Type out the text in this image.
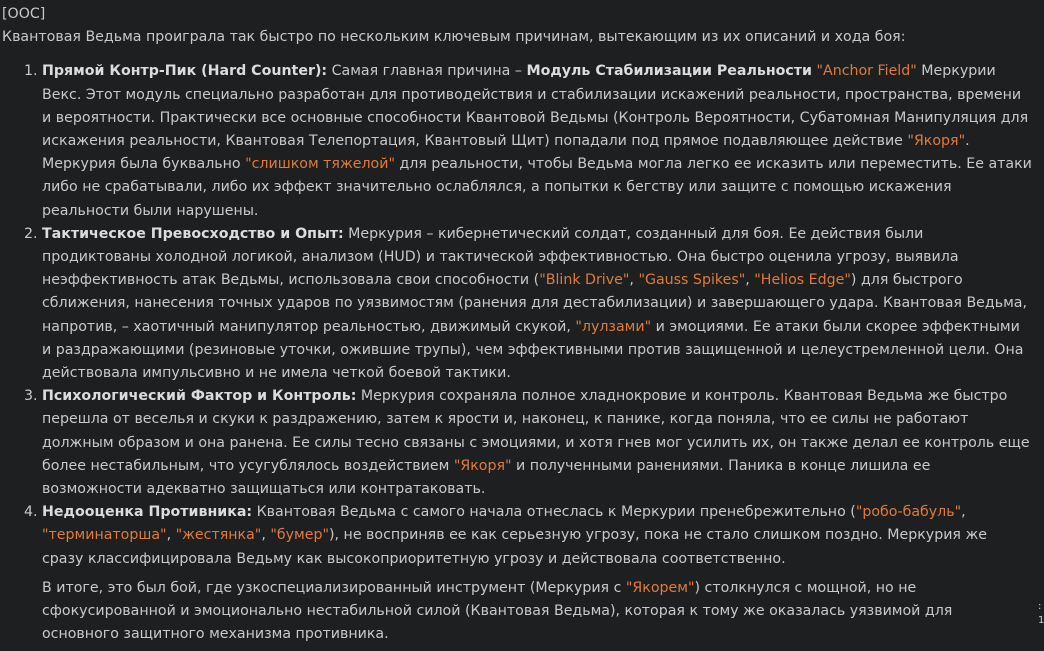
[OOC]

Квантовая Ведьма проиграла так быстро по нескольким ключевым причинам, вытекающим из их описаний и хода боя:

1. Прямой Контр-Пик (Hard Counter): Самая главная причина – Модуль Стабилизации Реальности "Anchor Field" Меркурии Векс. Этот модуль специально разработан для противодействия и стабилизации искажений реальности, пространства, времени и вероятности. Практически все основные способности Квантовой Ведьмы (Контроль Вероятности, Субатомная Манипуляция для искажения реальности, Квантовая Телепортация, Квантовый Щит) попадали под прямое подавляющее действие "Якоря". Меркурия была буквально "слишком тяжелой" для реальности, чтобы Ведьма могла легко ее исказить или переместить. Ее атаки либо не срабатывали, либо их эффект значительно ослаблялся, а попытки к бегству или защите с помощью искажения реальности были нарушены.
2. Тактическое Превосходство и Опыт: Меркурия – кибернетический солдат, созданный для боя. Ее действия были продиктованы холодной логикой, анализом (HUD) и тактической эффективностью. Она быстро оценила угрозу, выявила неэффективность атак Ведьмы, использовала свои способности ("Blink Drive", "Gauss Spikes", "Helios Edge") для быстрого сближения, нанесения точных ударов по уязвимостям (ранения для дестабилизации) и завершающего удара. Квантовая Ведьма, напротив, – хаотичный манипулятор реальностью, движимый скукой, "лулзами" и эмоциями. Ее атаки были скорее эффектными и раздражающими (резиновые уточки, ожившие трупы), чем эффективными против защищенной и целеустремленной цели. Она действовала импульсивно и не имела четкой боевой тактики.
3. Психологический Фактор и Контроль: Меркурия сохраняла полное хладнокровие и контроль. Квантовая Ведьма же быстро перешла от веселья и скуки к раздражению, затем к ярости и, наконец, к панике, когда поняла, что ее силы не работают должным образом и она ранена. Ее силы тесно связаны с эмоциями, и хотя гнев мог усилить их, он также делал ее контроль еще более нестабильным, что усугублялось воздействием "Якоря" и полученными ранениями. Паника в конце лишила ее возможности адекватно защищаться или контратаковать.
4. Недооценка Противника: Квантовая Ведьма с самого начала отнеслась к Меркурии пренебрежительно ("робо-бабуль", "терминаторша", "жестянка", "бумер"), не восприняв ее как серьезную угрозу, пока не стало слишком поздно. Меркурия же сразу классифицировала Ведьму как высокоприоритетную угрозу и действовала соответственно.

В итоге, это был бой, где узкоспециализированный инструмент (Меркурия с "Якорем") столкнулся с мощной, но не сфокусированной и эмоционально нестабильной силой (Квантовая Ведьма), которая к тому же оказалась уязвимой для основного защитного механизма противника.

:
1
